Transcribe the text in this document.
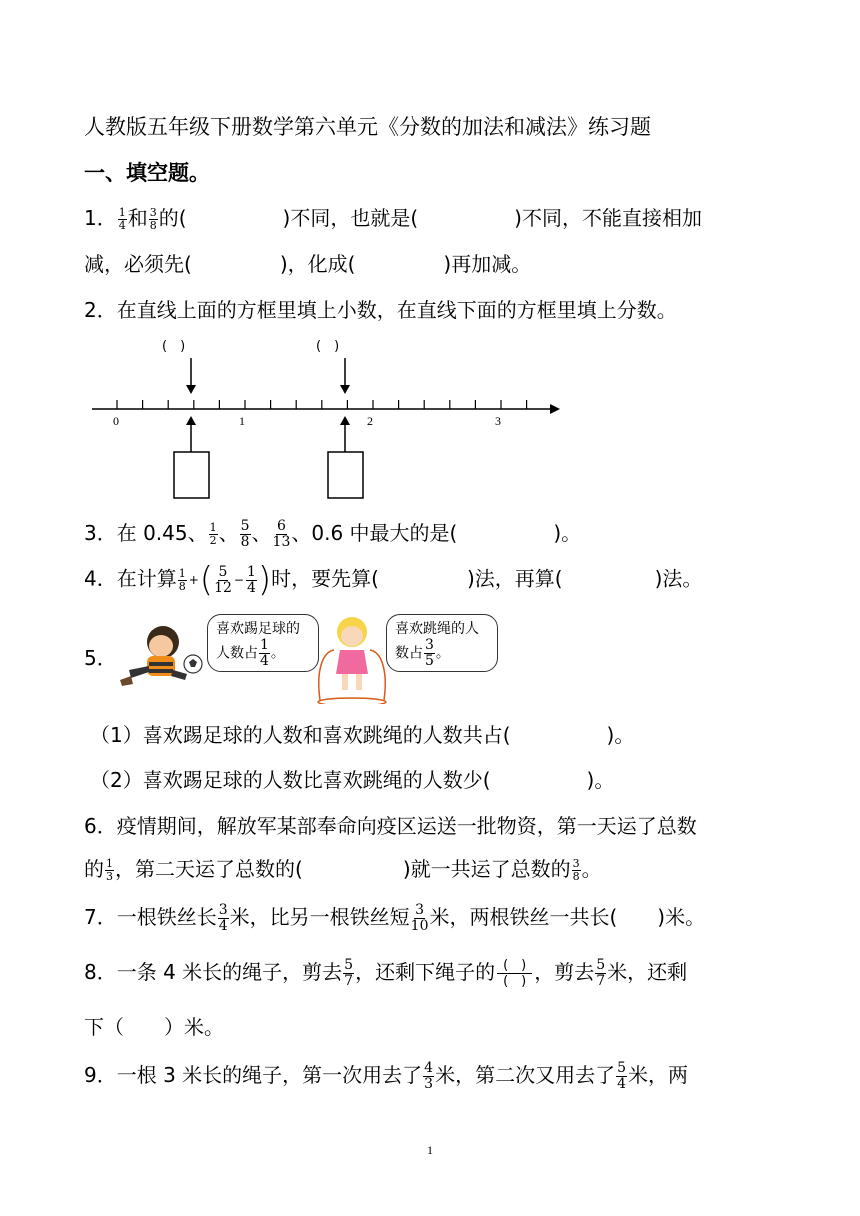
人教版五年级下册数学第六单元《分数的加法和减法》练习题
一、填空题。
1． $\frac{1}{4}$ 和 $\frac{3}{8}$ 的(	)不同，也就是(	)不同，不能直接相加
减，必须先(	)，化成(	)再加减。
2．在直线上面的方框里填上小数，在直线下面的方框里填上分数。
(　)	(　)
0	1	2	3
3．在 0.45、 $\frac{1}{2}$ 、 $\frac{5}{8}$ 、 $\frac{6}{13}$ 、0.6 中最大的是(	)。
4．在计算 $\frac{1}{8}$ + ( $\frac{5}{12} - \frac{1}{4}$ ) 时，要先算(	)法，再算(	)法。
5．
喜欢踢足球的
人数占 $\frac{1}{4}$ 。
喜欢跳绳的人
数占 $\frac{3}{5}$ 。
（1）喜欢踢足球的人数和喜欢跳绳的人数共占(	)。
（2）喜欢踢足球的人数比喜欢跳绳的人数少(	)。
6．疫情期间，解放军某部奉命向疫区运送一批物资，第一天运了总数
的 $\frac{1}{3}$ ，第二天运了总数的(	)就一共运了总数的 $\frac{3}{8}$ 。
7．一根铁丝长 $\frac{3}{4}$ 米，比另一根铁丝短 $\frac{3}{10}$ 米，两根铁丝一共长( )米。
8．一条 4 米长的绳子，剪去 $\frac{5}{7}$ ，还剩下绳子的 $\frac{( )}{( )}$ ，剪去 $\frac{5}{7}$ 米，还剩
下（　　）米。
9．一根 3 米长的绳子，第一次用去了 $\frac{4}{3}$ 米，第二次又用去了 $\frac{5}{4}$ 米，两
1
